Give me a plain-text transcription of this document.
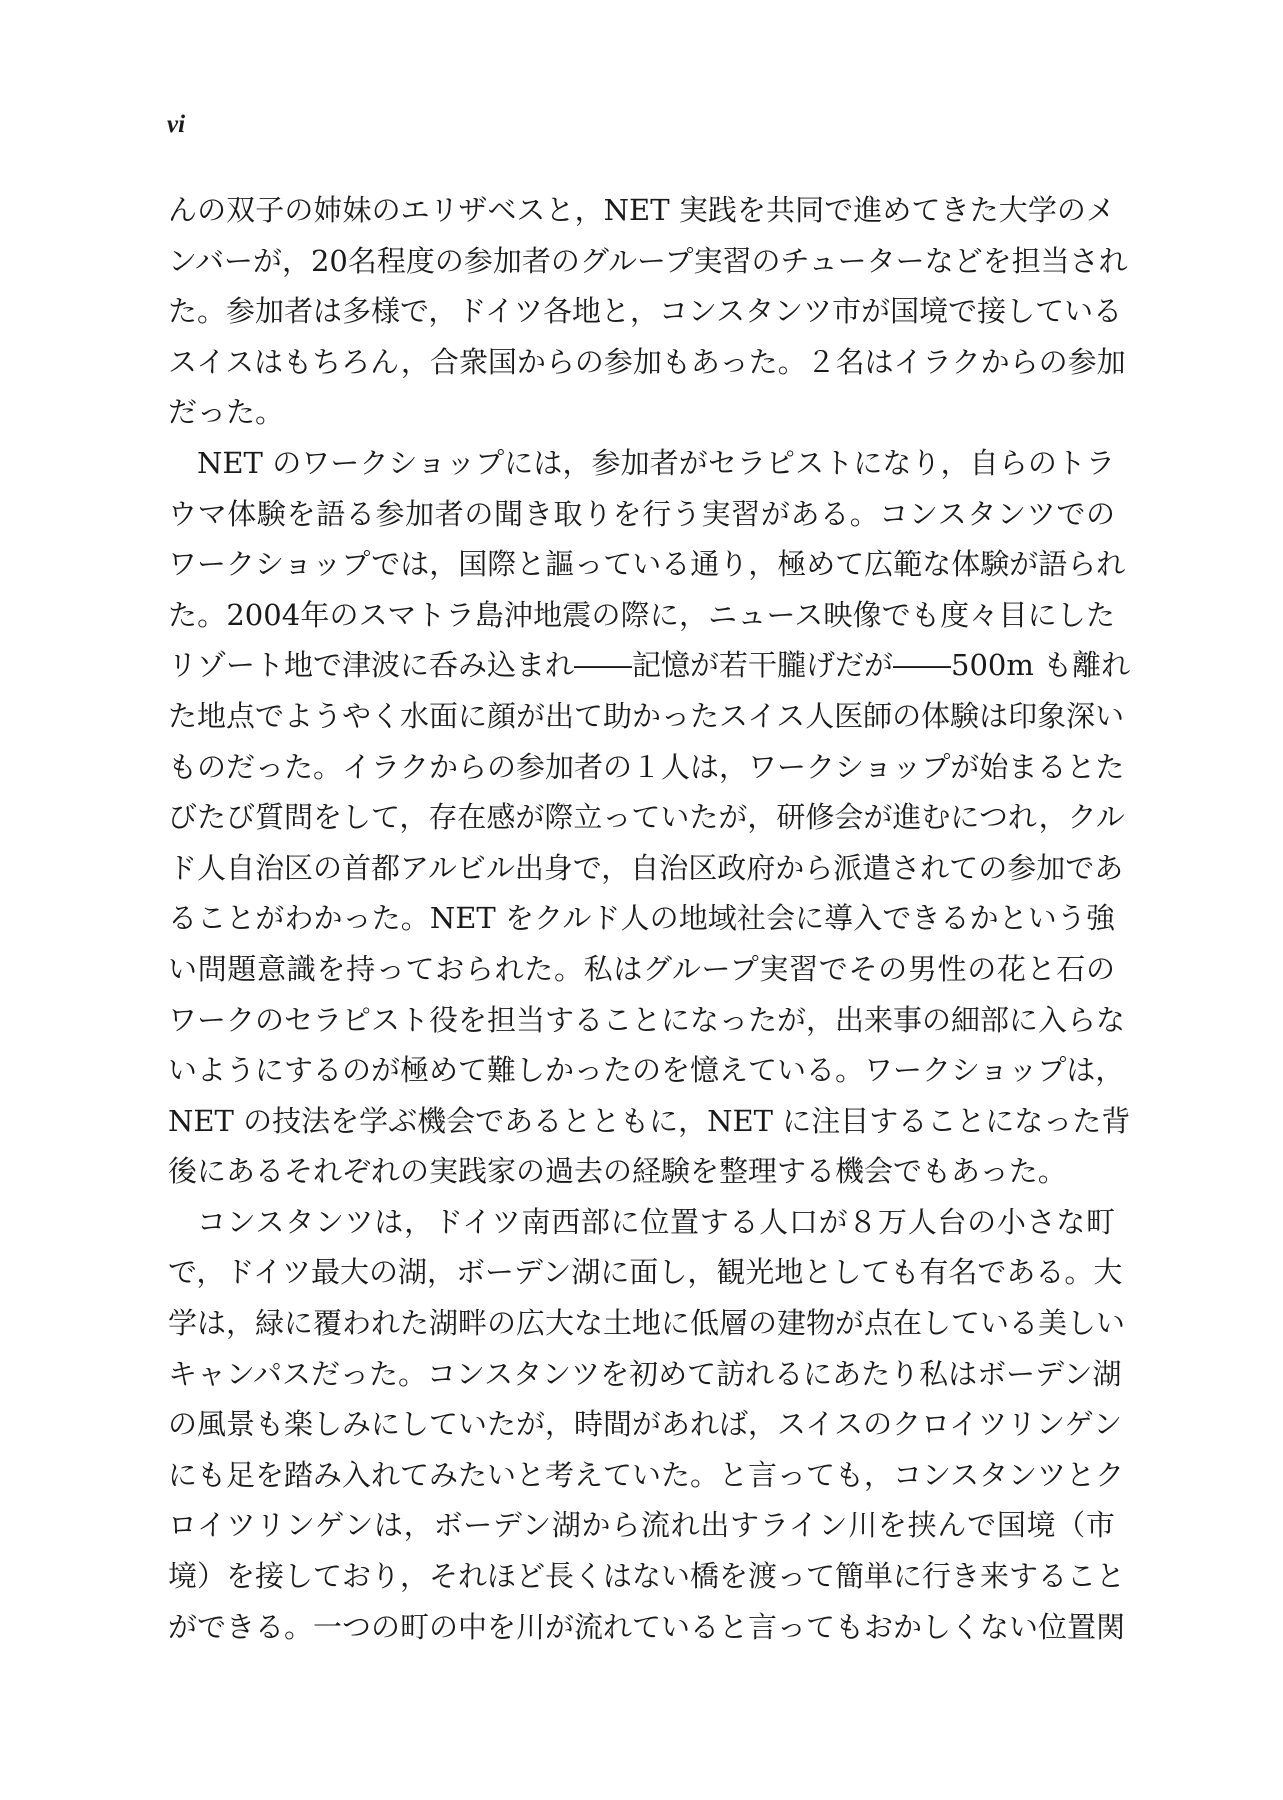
vi
んの双子の姉妹のエリザベスと，NET 実践を共同で進めてきた大学のメ
ンバーが，20名程度の参加者のグループ実習のチューターなどを担当され
た。参加者は多様で，ドイツ各地と，コンスタンツ市が国境で接している
スイスはもちろん，合衆国からの参加もあった。２名はイラクからの参加
だった。
NET のワークショップには，参加者がセラピストになり，自らのトラ
ウマ体験を語る参加者の聞き取りを行う実習がある。コンスタンツでの
ワークショップでは，国際と謳っている通り，極めて広範な体験が語られ
た。2004年のスマトラ島沖地震の際に，ニュース映像でも度々目にした
リゾート地で津波に呑み込まれ――記憶が若干朧げだが――500m も離れ
た地点でようやく水面に顔が出て助かったスイス人医師の体験は印象深い
ものだった。イラクからの参加者の１人は，ワークショップが始まるとた
びたび質問をして，存在感が際立っていたが，研修会が進むにつれ，クル
ド人自治区の首都アルビル出身で，自治区政府から派遣されての参加であ
ることがわかった。NET をクルド人の地域社会に導入できるかという強
い問題意識を持っておられた。私はグループ実習でその男性の花と石の
ワークのセラピスト役を担当することになったが，出来事の細部に入らな
いようにするのが極めて難しかったのを憶えている。ワークショップは，
NET の技法を学ぶ機会であるとともに，NET に注目することになった背
後にあるそれぞれの実践家の過去の経験を整理する機会でもあった。
コンスタンツは，ドイツ南西部に位置する人口が８万人台の小さな町
で，ドイツ最大の湖，ボーデン湖に面し，観光地としても有名である。大
学は，緑に覆われた湖畔の広大な土地に低層の建物が点在している美しい
キャンパスだった。コンスタンツを初めて訪れるにあたり私はボーデン湖
の風景も楽しみにしていたが，時間があれば，スイスのクロイツリンゲン
にも足を踏み入れてみたいと考えていた。と言っても，コンスタンツとク
ロイツリンゲンは，ボーデン湖から流れ出すライン川を挟んで国境（市
境）を接しており，それほど長くはない橋を渡って簡単に行き来すること
ができる。一つの町の中を川が流れていると言ってもおかしくない位置関
